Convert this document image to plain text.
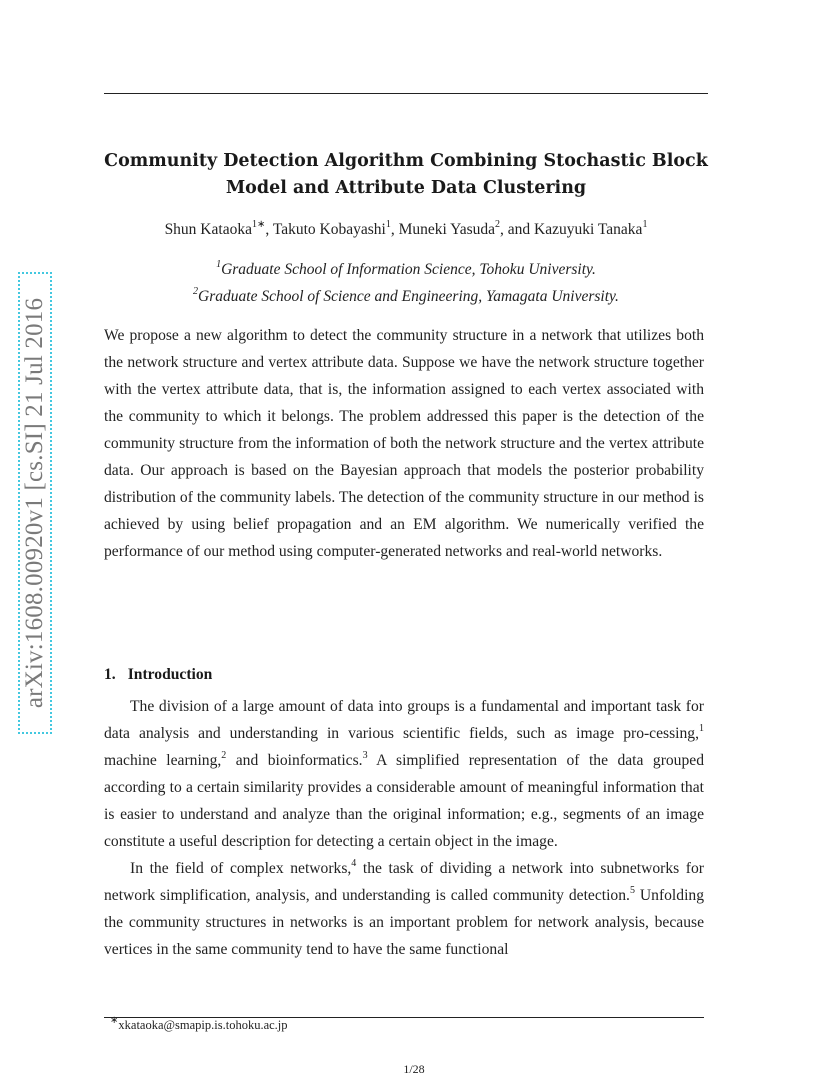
arXiv:1608.00920v1 [cs.SI] 21 Jul 2016
Community Detection Algorithm Combining Stochastic Block
Model and Attribute Data Clustering
Shun Kataoka$^{1∗}$, Takuto Kobayashi$^1$, Muneki Yasuda$^2$, and Kazuyuki Tanaka$^1$
$^1$Graduate School of Information Science, Tohoku University.
$^2$Graduate School of Science and Engineering, Yamagata University.
We propose a new algorithm to detect the community structure in a network that utilizes both the network structure and vertex attribute data. Suppose we have the network structure together with the vertex attribute data, that is, the information assigned to each vertex associated with the community to which it belongs. The problem addressed this paper is the detection of the community structure from the information of both the network structure and the vertex attribute data. Our approach is based on the Bayesian approach that models the posterior probability distribution of the community labels. The detection of the community structure in our method is achieved by using belief propagation and an EM algorithm. We numerically verified the performance of our method using computer-generated networks and real-world networks.
1. Introduction

The division of a large amount of data into groups is a fundamental and important task for data analysis and understanding in various scientific fields, such as image pro-cessing,$^1$ machine learning,$^2$ and bioinformatics.$^3$ A simplified representation of the data grouped according to a certain similarity provides a considerable amount of meaningful information that is easier to understand and analyze than the original information; e.g., segments of an image constitute a useful description for detecting a certain object in the image.

In the field of complex networks,$^4$ the task of dividing a network into subnetworks for network simplification, analysis, and understanding is called community detection.$^5$ Unfolding the community structures in networks is an important problem for network analysis, because vertices in the same community tend to have the same functional

∗xkataoka@smapip.is.tohoku.ac.jp
1/28
